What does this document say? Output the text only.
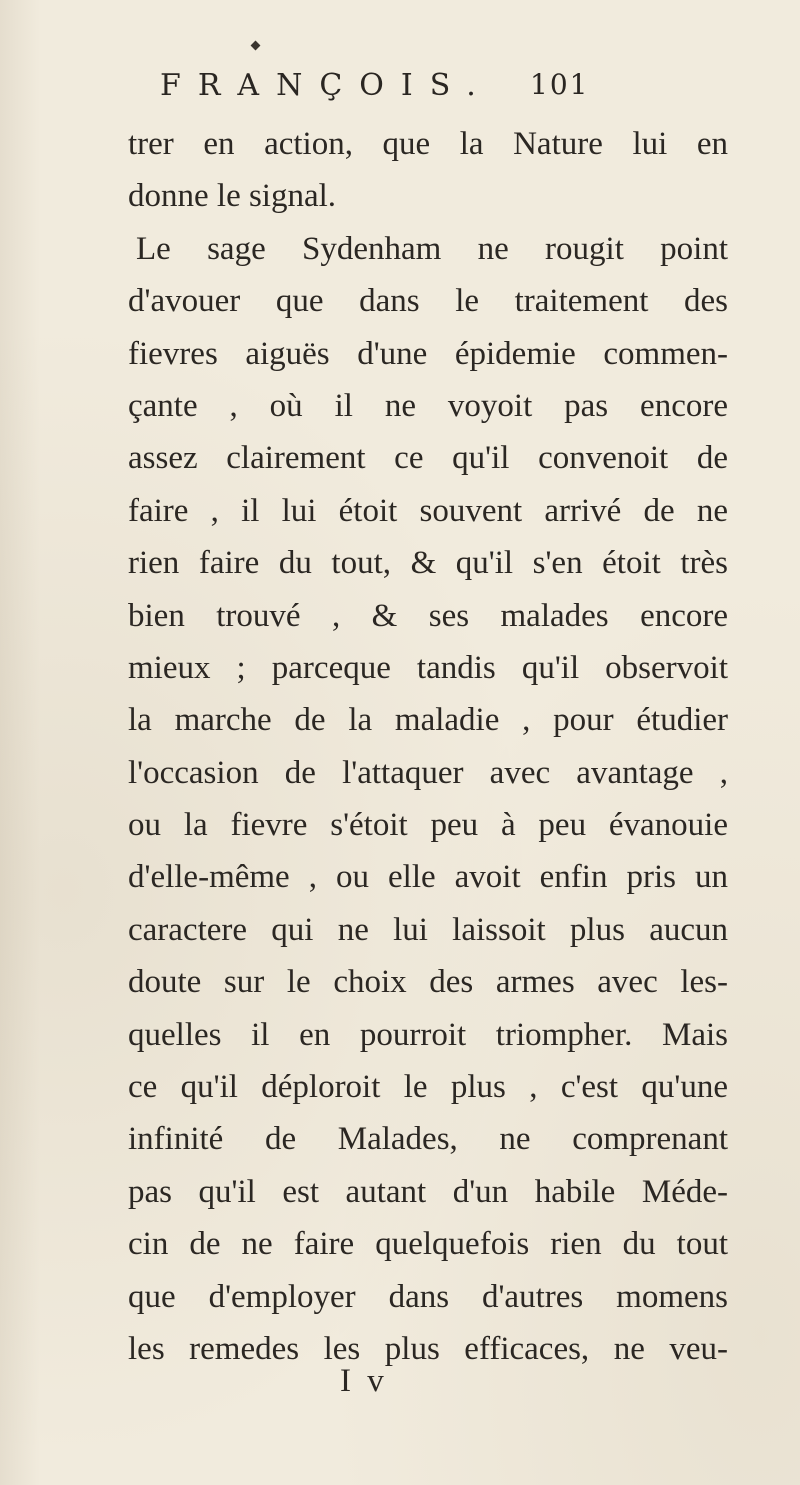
FRANÇOIS. 101
trer en action, que la Nature lui en
donne le signal.
Le sage Sydenham ne rougit point
d'avouer que dans le traitement des
fievres aiguës d'une épidemie commen-
çante , où il ne voyoit pas encore
assez clairement ce qu'il convenoit de
faire , il lui étoit souvent arrivé de ne
rien faire du tout, & qu'il s'en étoit très
bien trouvé , & ses malades encore
mieux ; parceque tandis qu'il observoit
la marche de la maladie , pour étudier
l'occasion de l'attaquer avec avantage ,
ou la fievre s'étoit peu à peu évanouie
d'elle-même , ou elle avoit enfin pris un
caractere qui ne lui laissoit plus aucun
doute sur le choix des armes avec les-
quelles il en pourroit triompher. Mais
ce qu'il déploroit le plus , c'est qu'une
infinité de Malades, ne comprenant
pas qu'il est autant d'un habile Méde-
cin de ne faire quelquefois rien du tout
que d'employer dans d'autres momens
les remedes les plus efficaces, ne veu-
I v
